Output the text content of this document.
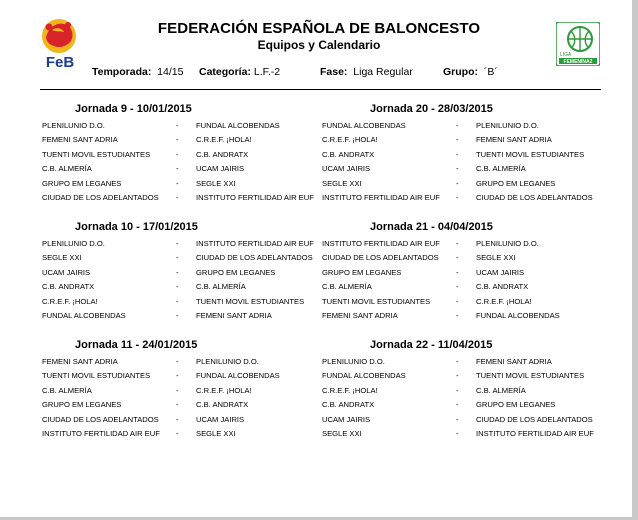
FeB	LIGA
FEMENINA2
FEDERACIÓN ESPAÑOLA DE BALONCESTO
Equipos y Calendario
Temporada: 14/15 Categoría: L.F.-2	Fase: Liga Regular	Grupo: ´B´
Jornada 9 - 10/01/2015
PLENILUNIO D.O.	- FUNDAL ALCOBENDAS
FEMENI SANT ADRIA	- C.R.E.F. ¡HOLA!
TUENTI MOVIL ESTUDIANTES	- C.B. ANDRATX
C.B. ALMERÍA	- UCAM JAIRIS
GRUPO EM LEGANES	- SEGLE XXI
CIUDAD DE LOS ADELANTADOS	- INSTITUTO FERTILIDAD AIR EUF
Jornada 20 - 28/03/2015
FUNDAL ALCOBENDAS	- PLENILUNIO D.O.
C.R.E.F. ¡HOLA!	- FEMENI SANT ADRIA
C.B. ANDRATX	- TUENTI MOVIL ESTUDIANTES
UCAM JAIRIS	- C.B. ALMERÍA
SEGLE XXI	- GRUPO EM LEGANES
INSTITUTO FERTILIDAD AIR EUF	- CIUDAD DE LOS ADELANTADOS
Jornada 10 - 17/01/2015
PLENILUNIO D.O.	- INSTITUTO FERTILIDAD AIR EUF
SEGLE XXI	- CIUDAD DE LOS ADELANTADOS
UCAM JAIRIS	- GRUPO EM LEGANES
C.B. ANDRATX	- C.B. ALMERÍA
C.R.E.F. ¡HOLA!	- TUENTI MOVIL ESTUDIANTES
FUNDAL ALCOBENDAS	- FEMENI SANT ADRIA
Jornada 21 - 04/04/2015
INSTITUTO FERTILIDAD AIR EUF	- PLENILUNIO D.O.
CIUDAD DE LOS ADELANTADOS	- SEGLE XXI
GRUPO EM LEGANES	- UCAM JAIRIS
C.B. ALMERÍA	- C.B. ANDRATX
TUENTI MOVIL ESTUDIANTES	- C.R.E.F. ¡HOLA!
FEMENI SANT ADRIA	- FUNDAL ALCOBENDAS
Jornada 11 - 24/01/2015
FEMENI SANT ADRIA	- PLENILUNIO D.O.
TUENTI MOVIL ESTUDIANTES	- FUNDAL ALCOBENDAS
C.B. ALMERÍA	- C.R.E.F. ¡HOLA!
GRUPO EM LEGANES	- C.B. ANDRATX
CIUDAD DE LOS ADELANTADOS	- UCAM JAIRIS
INSTITUTO FERTILIDAD AIR EUF	- SEGLE XXI
Jornada 22 - 11/04/2015
PLENILUNIO D.O.	- FEMENI SANT ADRIA
FUNDAL ALCOBENDAS	- TUENTI MOVIL ESTUDIANTES
C.R.E.F. ¡HOLA!	- C.B. ALMERÍA
C.B. ANDRATX	- GRUPO EM LEGANES
UCAM JAIRIS	- CIUDAD DE LOS ADELANTADOS
SEGLE XXI	- INSTITUTO FERTILIDAD AIR EUF
